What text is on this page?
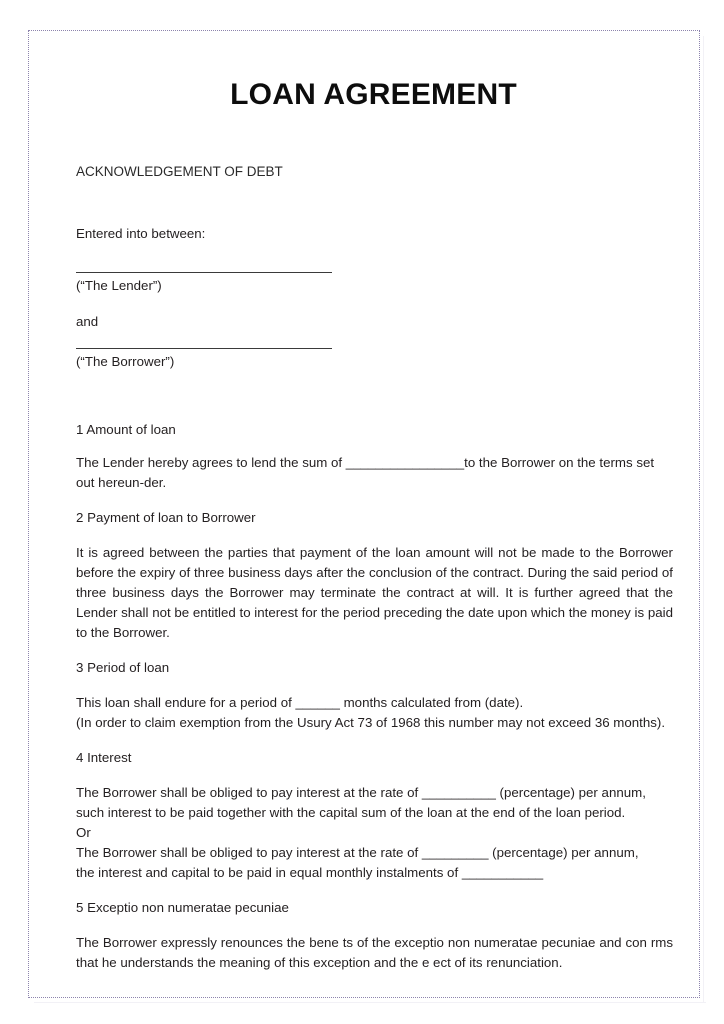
LOAN AGREEMENT
ACKNOWLEDGEMENT OF DEBT
Entered into between:
(“The Lender”)
and
(“The Borrower”)
1 Amount of loan
The Lender hereby agrees to lend the sum of ________________to the Borrower on the terms set out hereun-der.
2 Payment of loan to Borrower
It is agreed between the parties that payment of the loan amount will not be made to the Borrower before the expiry of three business days after the conclusion of the contract. During the said period of three business days the Borrower may terminate the contract at will. It is further agreed that the Lender shall not be entitled to interest for the period preceding the date upon which the money is paid to the Borrower.
3 Period of loan
This loan shall endure for a period of ______ months calculated from (date).
(In order to claim exemption from the Usury Act 73 of 1968 this number may not exceed 36 months).
4 Interest
The Borrower shall be obliged to pay interest at the rate of __________ (percentage) per annum,
such interest to be paid together with the capital sum of the loan at the end of the loan period.
Or
The Borrower shall be obliged to pay interest at the rate of _________ (percentage) per annum,
the interest and capital to be paid in equal monthly instalments of ___________
5 Exceptio non numeratae pecuniae
The Borrower expressly renounces the bene ts of the exceptio non numeratae pecuniae and con rms that he understands the meaning of this exception and the e ect of its renunciation.
